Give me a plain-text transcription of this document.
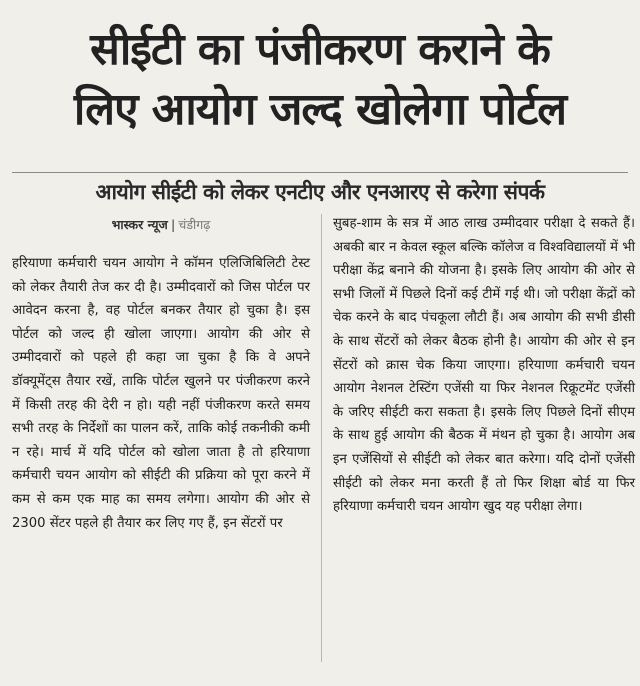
सीईटी का पंजीकरण कराने के
लिए आयोग जल्द खोलेगा पोर्टल
आयोग सीईटी को लेकर एनटीए और एनआरए से करेगा संपर्क
भास्कर न्यूज | चंडीगढ़

हरियाणा कर्मचारी चयन आयोग ने कॉमन एलिजिबिलिटी टेस्ट को लेकर तैयारी तेज कर दी है। उम्मीदवारों को जिस पोर्टल पर आवेदन करना है, वह पोर्टल बनकर तैयार हो चुका है। इस पोर्टल को जल्द ही खोला जाएगा। आयोग की ओर से उम्मीदवारों को पहले ही कहा जा चुका है कि वे अपने डॉक्यूमेंट्स तैयार रखें, ताकि पोर्टल खुलने पर पंजीकरण करने में किसी तरह की देरी न हो। यही नहीं पंजीकरण करते समय सभी तरह के निर्देशों का पालन करें, ताकि कोई तकनीकी कमी न रहे। मार्च में यदि पोर्टल को खोला जाता है तो हरियाणा कर्मचारी चयन आयोग को सीईटी की प्रक्रिया को पूरा करने में कम से कम एक माह का समय लगेगा। आयोग की ओर से 2300 सेंटर पहले ही तैयार कर लिए गए हैं, इन सेंटरों पर

सुबह-शाम के सत्र में आठ लाख उम्मीदवार परीक्षा दे सकते हैं। अबकी बार न केवल स्कूल बल्कि कॉलेज व विश्वविद्यालयों में भी परीक्षा केंद्र बनाने की योजना है। इसके लिए आयोग की ओर से सभी जिलों में पिछले दिनों कई टीमें गई थी। जो परीक्षा केंद्रों को चेक करने के बाद पंचकूला लौटी हैं। अब आयोग की सभी डीसी के साथ सेंटरों को लेकर बैठक होनी है। आयोग की ओर से इन सेंटरों को क्रास चेक किया जाएगा। हरियाणा कर्मचारी चयन आयोग नेशनल टेस्टिंग एजेंसी या फिर नेशनल रिक्रूटमेंट एजेंसी के जरिए सीईटी करा सकता है। इसके लिए पिछले दिनों सीएम के साथ हुई आयोग की बैठक में मंथन हो चुका है। आयोग अब इन एजेंसियों से सीईटी को लेकर बात करेगा। यदि दोनों एजेंसी सीईटी को लेकर मना करती हैं तो फिर शिक्षा बोर्ड या फिर हरियाणा कर्मचारी चयन आयोग खुद यह परीक्षा लेगा।
